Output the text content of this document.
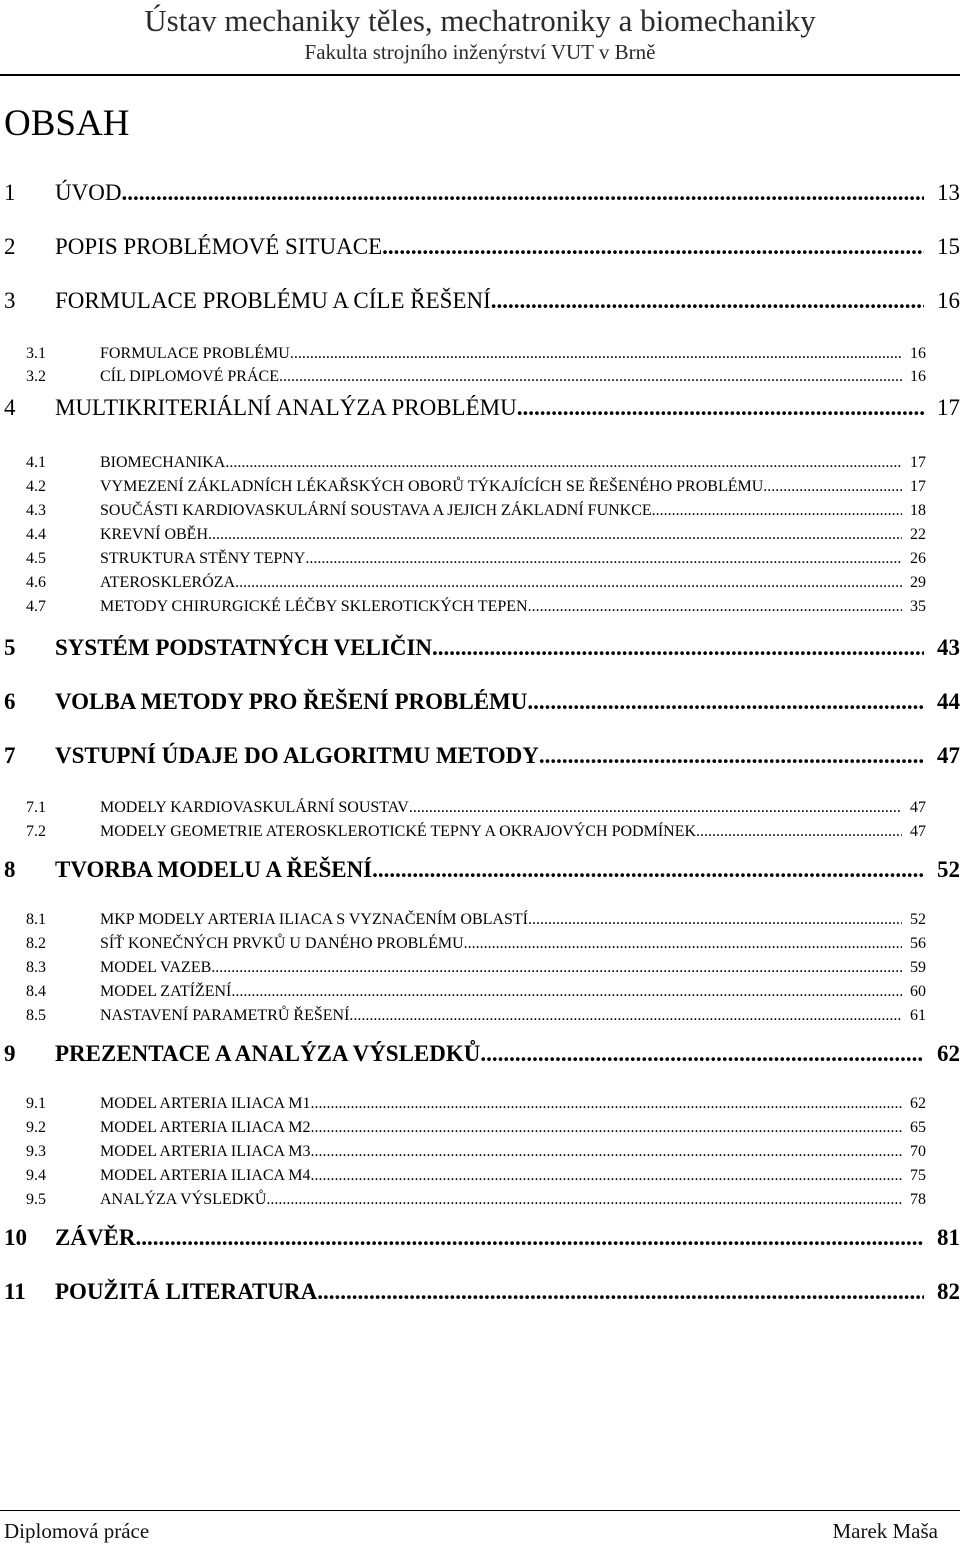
Ústav mechaniky těles, mechatroniky a biomechaniky
Fakulta strojního inženýrství VUT v Brně
OBSAH
1	ÚVOD .....	13
2	POPIS PROBLÉMOVÉ SITUACE .....	15
3	FORMULACE PROBLÉMU A CÍLE ŘEŠENÍ .....	16
3.1	FORMULACE PROBLÉMU .....	16
3.2	CÍL DIPLOMOVÉ PRÁCE .....	16
4	MULTIKRITERIÁLNÍ ANALÝZA PROBLÉMU .....	17
4.1	BIOMECHANIKA .....	17
4.2	VYMEZENÍ ZÁKLADNÍCH LÉKAŘSKÝCH OBORŮ TÝKAJÍCÍCH SE ŘEŠENÉHO PROBLÉMU .....	17
4.3	SOUČÁSTI KARDIOVASKULÁRNÍ SOUSTAVA A JEJICH ZÁKLADNÍ FUNKCE .....	18
4.4	KREVNÍ OBĚH .....	22
4.5	STRUKTURA STĚNY TEPNY .....	26
4.6	ATEROSKLERÓZA .....	29
4.7	METODY CHIRURGICKÉ LÉČBY SKLEROTICKÝCH TEPEN .....	35
5	SYSTÉM PODSTATNÝCH VELIČIN .....	43
6	VOLBA METODY PRO ŘEŠENÍ PROBLÉMU .....	44
7	VSTUPNÍ ÚDAJE DO ALGORITMU METODY .....	47
7.1	MODELY KARDIOVASKULÁRNÍ SOUSTAV .....	47
7.2	MODELY GEOMETRIE ATEROSKLEROTICKÉ TEPNY A OKRAJOVÝCH PODMÍNEK .....	47
8	TVORBA MODELU A ŘEŠENÍ .....	52
8.1	MKP MODELY ARTERIA ILIACA S VYZNAČENÍM OBLASTÍ .....	52
8.2	SÍŤ KONEČNÝCH PRVKŮ U DANÉHO PROBLÉMU .....	56
8.3	MODEL VAZEB .....	59
8.4	MODEL ZATÍŽENÍ .....	60
8.5	NASTAVENÍ PARAMETRŮ ŘEŠENÍ .....	61
9	PREZENTACE A ANALÝZA VÝSLEDKŮ .....	62
9.1	MODEL ARTERIA ILIACA M1 .....	62
9.2	MODEL ARTERIA ILIACA M2 .....	65
9.3	MODEL ARTERIA ILIACA M3 .....	70
9.4	MODEL ARTERIA ILIACA M4 .....	75
9.5	ANALÝZA VÝSLEDKŮ .....	78
10	ZÁVĚR .....	81
11	POUŽITÁ LITERATURA .....	82
Diplomová práce	Marek Maša
